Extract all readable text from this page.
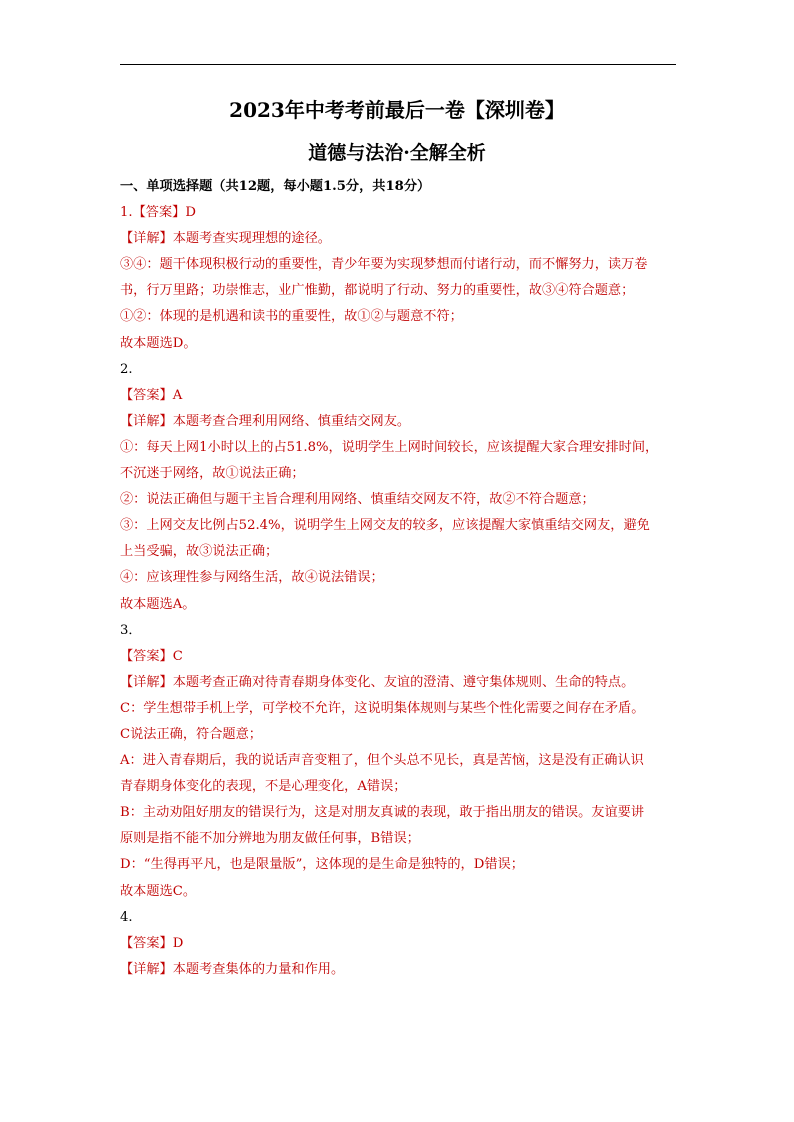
2023年中考考前最后一卷【深圳卷】
道德与法治·全解全析
一、单项选择题（共12题，每小题1.5分，共18分）
1.【答案】D
【详解】本题考查实现理想的途径。
③④：题干体现积极行动的重要性，青少年要为实现梦想而付诸行动，而不懈努力，读万卷
书，行万里路；功崇惟志，业广惟勤，都说明了行动、努力的重要性，故③④符合题意；
①②：体现的是机遇和读书的重要性，故①②与题意不符；
故本题选D。
2.
【答案】A
【详解】本题考查合理利用网络、慎重结交网友。
①：每天上网1小时以上的占51.8%，说明学生上网时间较长，应该提醒大家合理安排时间，
不沉迷于网络，故①说法正确；
②：说法正确但与题干主旨合理利用网络、慎重结交网友不符，故②不符合题意；
③：上网交友比例占52.4%，说明学生上网交友的较多，应该提醒大家慎重结交网友，避免
上当受骗，故③说法正确；
④：应该理性参与网络生活，故④说法错误；
故本题选A。
3．
【答案】C
【详解】本题考查正确对待青春期身体变化、友谊的澄清、遵守集体规则、生命的特点。
C：学生想带手机上学，可学校不允许，这说明集体规则与某些个性化需要之间存在矛盾。
C说法正确，符合题意；
A：进入青春期后，我的说话声音变粗了，但个头总不见长，真是苦恼，这是没有正确认识
青春期身体变化的表现，不是心理变化，A错误；
B：主动劝阻好朋友的错误行为，这是对朋友真诚的表现，敢于指出朋友的错误。友谊要讲
原则是指不能不加分辨地为朋友做任何事，B错误；
D：“生得再平凡，也是限量版”，这体现的是生命是独特的，D错误；
故本题选C。
4.
【答案】D
【详解】本题考查集体的力量和作用。
